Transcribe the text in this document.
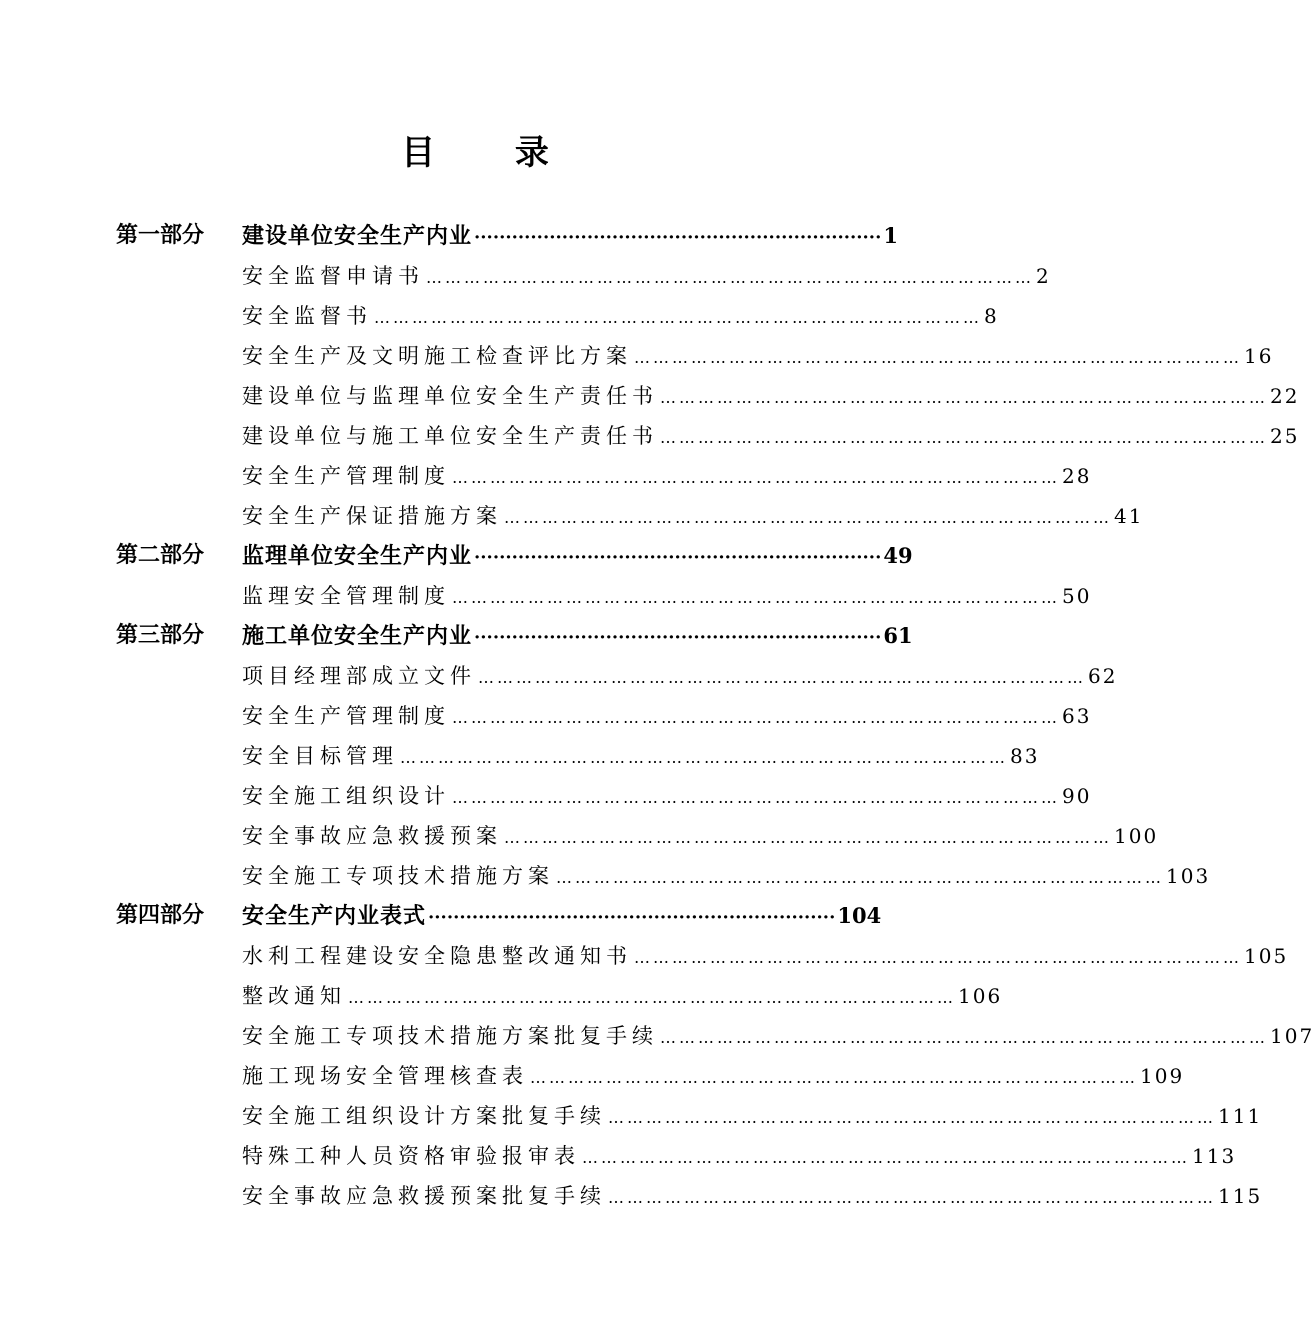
目 录
第一部分 建设单位安全生产内业 ································································· 1
安全监督申请书 …………………………………………………………………………………… 2
安全监督书 …………………………………………………………………………………… 8
安全生产及文明施工检查评比方案 …………………………………………………………………………………… 16
建设单位与监理单位安全生产责任书 …………………………………………………………………………………… 22
建设单位与施工单位安全生产责任书 …………………………………………………………………………………… 25
安全生产管理制度 …………………………………………………………………………………… 28
安全生产保证措施方案 …………………………………………………………………………………… 41
第二部分 监理单位安全生产内业 ································································· 49
监理安全管理制度 …………………………………………………………………………………… 50
第三部分 施工单位安全生产内业 ································································· 61
项目经理部成立文件 …………………………………………………………………………………… 62
安全生产管理制度 …………………………………………………………………………………… 63
安全目标管理 …………………………………………………………………………………… 83
安全施工组织设计 …………………………………………………………………………………… 90
安全事故应急救援预案 …………………………………………………………………………………… 100
安全施工专项技术措施方案 …………………………………………………………………………………… 103
第四部分 安全生产内业表式 ································································· 104
水利工程建设安全隐患整改通知书 …………………………………………………………………………………… 105
整改通知 …………………………………………………………………………………… 106
安全施工专项技术措施方案批复手续 …………………………………………………………………………………… 107
施工现场安全管理核查表 …………………………………………………………………………………… 109
安全施工组织设计方案批复手续 …………………………………………………………………………………… 111
特殊工种人员资格审验报审表 …………………………………………………………………………………… 113
安全事故应急救援预案批复手续 …………………………………………………………………………………… 115
